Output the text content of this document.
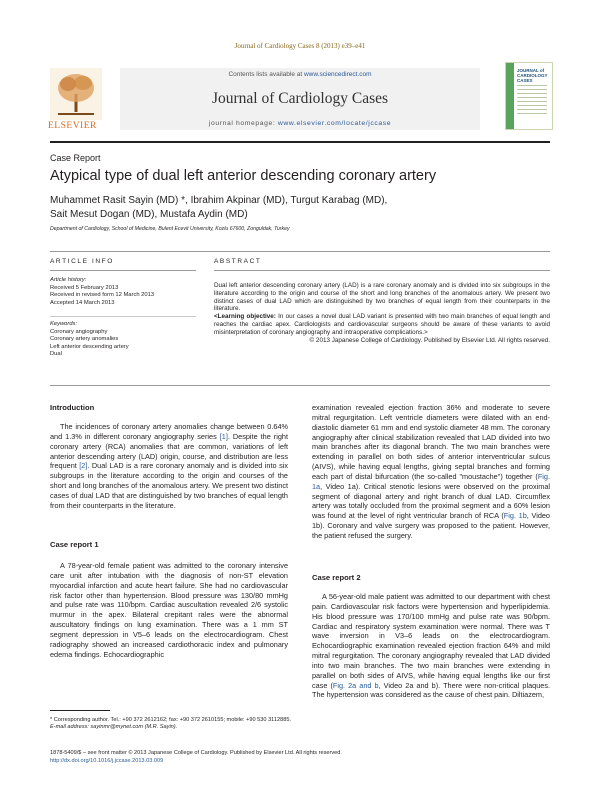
Journal of Cardiology Cases 8 (2013) e39–e41
ELSEVIER
Contents lists available at www.sciencedirect.com
Journal of Cardiology Cases
journal homepage: www.elsevier.com/locate/jccase
JOURNAL of
CARDIOLOGY
CASES
Case Report
Atypical type of dual left anterior descending coronary artery
Muhammet Rasit Sayin (MD) *, Ibrahim Akpinar (MD), Turgut Karabag (MD),
Sait Mesut Dogan (MD), Mustafa Aydin (MD)
Department of Cardiology, School of Medicine, Bulent Ecevit University, Kozlu 67600, Zonguldak, Turkey
ARTICLE INFO
Article history:
Received 5 February 2013
Received in revised form 12 March 2013
Accepted 14 March 2013
Keywords:
Coronary angiography
Coronary artery anomalies
Left anterior descending artery
Dual
ABSTRACT

Dual left anterior descending coronary artery (LAD) is a rare coronary anomaly and is divided into six subgroups in the literature according to the origin and course of the short and long branches of the anomalous artery. We present two distinct cases of dual LAD which are distinguished by two branches of equal length from their counterparts in the literature.

<Learning objective: In our cases a novel dual LAD variant is presented with two main branches of equal length and reaches the cardiac apex. Cardiologists and cardiovascular surgeons should be aware of these variants to avoid misinterpretation of coronary angiography and intraoperative complications.>

© 2013 Japanese College of Cardiology. Published by Elsevier Ltd. All rights reserved.

Introduction

The incidences of coronary artery anomalies change between 0.64% and 1.3% in different coronary angiography series [1]. Despite the right coronary artery (RCA) anomalies that are common, variations of left anterior descending artery (LAD) origin, course, and distribution are less frequent [2]. Dual LAD is a rare coronary anomaly and is divided into six subgroups in the literature according to the origin and courses of the short and long branches of the anomalous artery. We present two distinct cases of dual LAD that are distinguished by two branches of equal length from their counterparts in the literature.

Case report 1

A 78-year-old female patient was admitted to the coronary intensive care unit after intubation with the diagnosis of non-ST elevation myocardial infarction and acute heart failure. She had no cardiovascular risk factor other than hypertension. Blood pressure was 130/80 mmHg and pulse rate was 110/bpm. Cardiac auscultation revealed 2/6 systolic murmur in the apex. Bilateral crepitant rales were the abnormal auscultatory findings on lung examination. There was a 1 mm ST segment depression in V5–6 leads on the electrocardiogram. Chest radiography showed an increased cardiothoracic index and pulmonary edema findings. Echocardiographic

* Corresponding author. Tel.: +90 372 2612162; fax: +90 372 2610155; mobile: +90 530 3112885.
E-mail address: sayinmr@mynet.com (M.R. Sayin).

examination revealed ejection fraction 36% and moderate to severe mitral regurgitation. Left ventricle diameters were dilated with an end-diastolic diameter 61 mm and end systolic diameter 48 mm. The coronary angiography after clinical stabilization revealed that LAD divided into two main branches after its diagonal branch. The two main branches were extending in parallel on both sides of anterior interventricular sulcus (AIVS), while having equal lengths, giving septal branches and forming each part of distal bifurcation (the so-called "moustache") together (Fig. 1a, Video 1a). Critical stenotic lesions were observed on the proximal segment of diagonal artery and right branch of dual LAD. Circumflex artery was totally occluded from the proximal segment and a 60% lesion was found at the level of right ventricular branch of RCA (Fig. 1b, Video 1b). Coronary and valve surgery was proposed to the patient. However, the patient refused the surgery.

Case report 2

A 56-year-old male patient was admitted to our department with chest pain. Cardiovascular risk factors were hypertension and hyperlipidemia. His blood pressure was 170/100 mmHg and pulse rate was 90/bpm. Cardiac and respiratory system examination were normal. There was T wave inversion in V3–6 leads on the electrocardiogram. Echocardiographic examination revealed ejection fraction 64% and mild mitral regurgitation. The coronary angiography revealed that LAD divided into two main branches. The two main branches were extending in parallel on both sides of AIVS, while having equal lengths like our first case (Fig. 2a and b, Video 2a and b). There were non-critical plaques. The hypertension was considered as the cause of chest pain. Diltiazem,

1878-5409/$ – see front matter © 2013 Japanese College of Cardiology. Published by Elsevier Ltd. All rights reserved.
http://dx.doi.org/10.1016/j.jccase.2013.03.009
